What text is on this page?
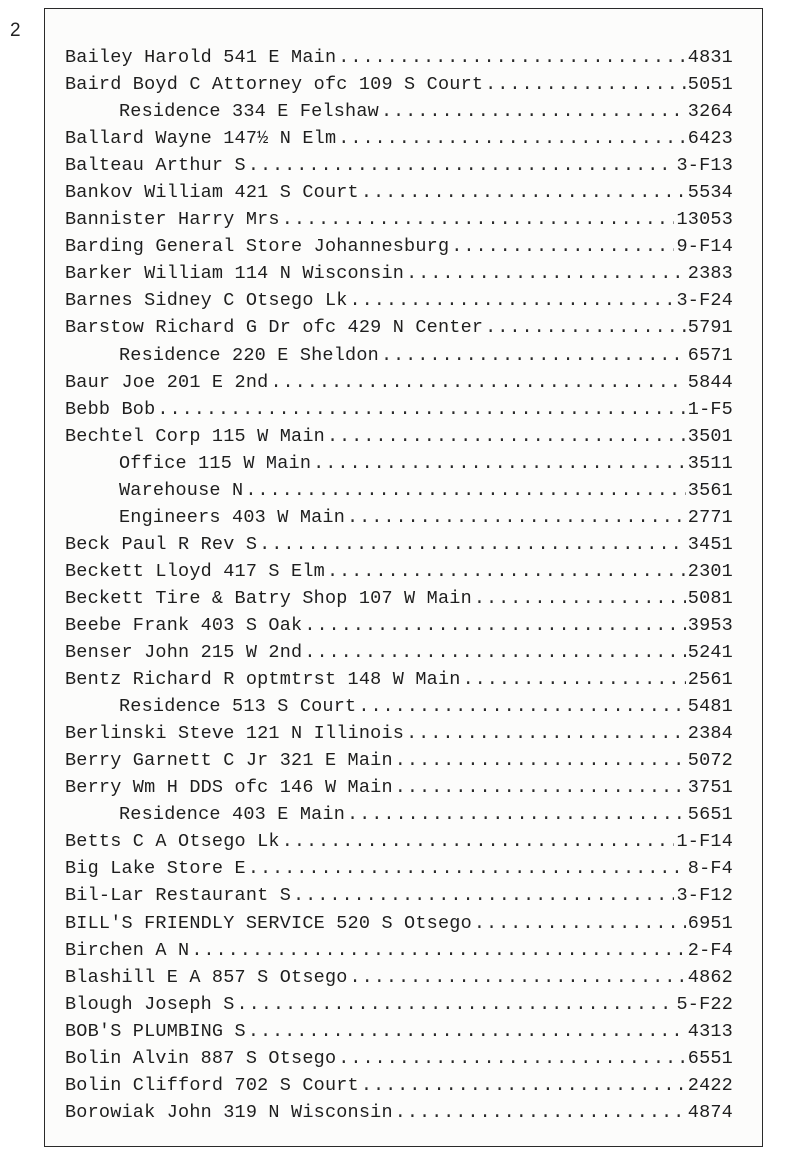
2
Bailey Harold 541 E Main .....	4831
Baird Boyd C Attorney ofc 109 S Court .....	5051
Residence 334 E Felshaw .....	3264
Ballard Wayne 147½ N Elm .....	6423
Balteau Arthur S .....	3-F13
Bankov William 421 S Court .....	5534
Bannister Harry Mrs .....	13053
Barding General Store Johannesburg .....	9-F14
Barker William 114 N Wisconsin .....	2383
Barnes Sidney C Otsego Lk .....	3-F24
Barstow Richard G Dr ofc 429 N Center .....	5791
Residence 220 E Sheldon .....	6571
Baur Joe 201 E 2nd .....	5844
Bebb Bob .....	1-F5
Bechtel Corp 115 W Main .....	3501
Office 115 W Main .....	3511
Warehouse N .....	3561
Engineers 403 W Main .....	2771
Beck Paul R Rev S .....	3451
Beckett Lloyd 417 S Elm .....	2301
Beckett Tire & Batry Shop 107 W Main .....	5081
Beebe Frank 403 S Oak .....	3953
Benser John 215 W 2nd .....	5241
Bentz Richard R optmtrst 148 W Main .....	2561
Residence 513 S Court .....	5481
Berlinski Steve 121 N Illinois .....	2384
Berry Garnett C Jr 321 E Main .....	5072
Berry Wm H DDS ofc 146 W Main .....	3751
Residence 403 E Main .....	5651
Betts C A Otsego Lk .....	1-F14
Big Lake Store E .....	8-F4
Bil-Lar Restaurant S .....	3-F12
BILL'S FRIENDLY SERVICE 520 S Otsego .....	6951
Birchen A N .....	2-F4
Blashill E A 857 S Otsego .....	4862
Blough Joseph S .....	5-F22
BOB'S PLUMBING S .....	4313
Bolin Alvin 887 S Otsego .....	6551
Bolin Clifford 702 S Court .....	2422
Borowiak John 319 N Wisconsin .....	4874
